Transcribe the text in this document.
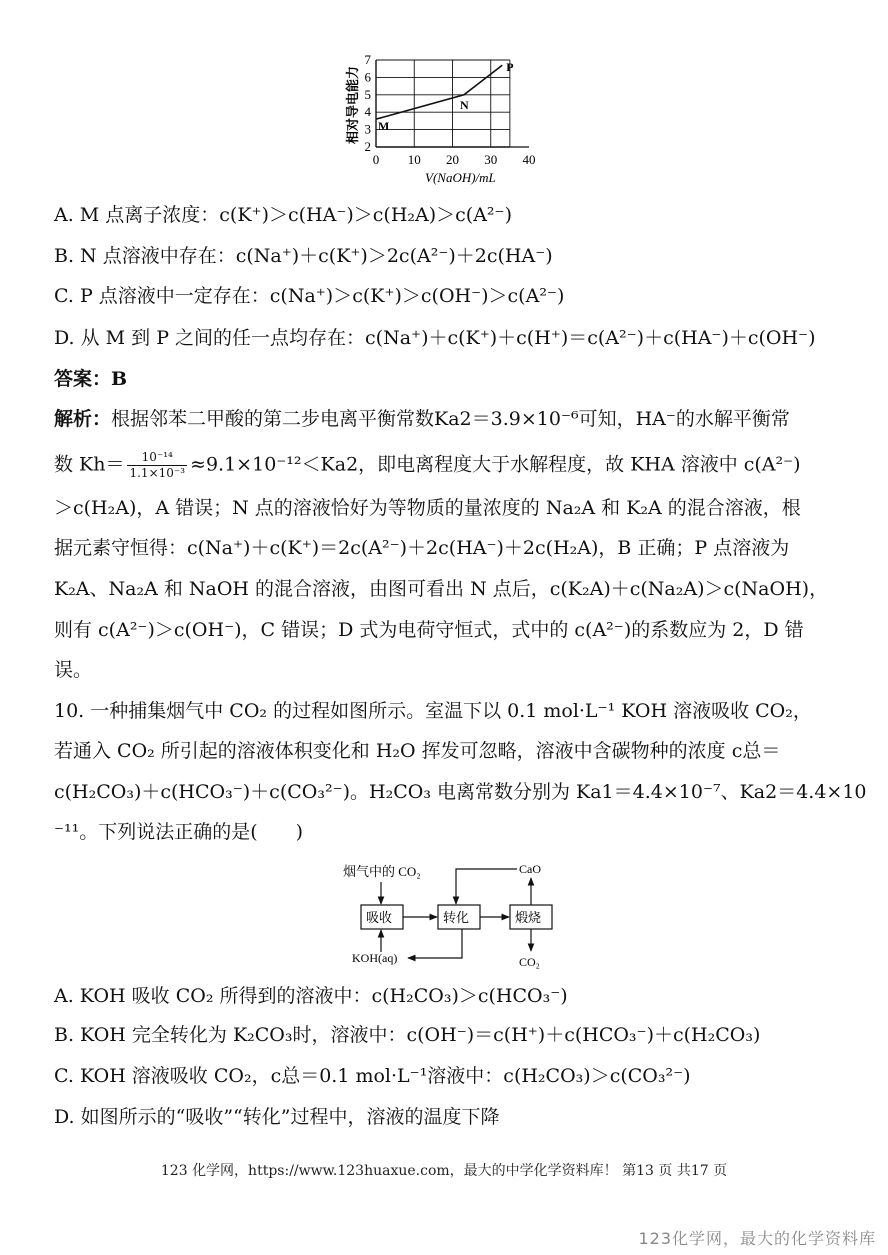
相对导电能力
V(NaOH)/mL
0 10 20 30 40
2
3
4
5
6
7
M
N
P
A. M 点离子浓度：c(K⁺)＞c(HA⁻)＞c(H₂A)＞c(A²⁻)
B. N 点溶液中存在：c(Na⁺)＋c(K⁺)＞2c(A²⁻)＋2c(HA⁻)
C. P 点溶液中一定存在：c(Na⁺)＞c(K⁺)＞c(OH⁻)＞c(A²⁻)
D. 从 M 到 P 之间的任一点均存在：c(Na⁺)＋c(K⁺)＋c(H⁺)＝c(A²⁻)＋c(HA⁻)＋c(OH⁻)
答案：B
解析：根据邻苯二甲酸的第二步电离平衡常数Ka2＝3.9×10⁻⁶可知，HA⁻的水解平衡常
数 $Kh= \frac{\text{10⁻¹⁴}}{\text{1.1×10⁻³}} \approx 9.1\times 10^{-12}<Ka2$，即电离程度大于水解程度，故 KHA 溶液中 c(A²⁻)
＞c(H₂A)，A 错误；N 点的溶液恰好为等物质的量浓度的 Na₂A 和 K₂A 的混合溶液，根
据元素守恒得：c(Na⁺)＋c(K⁺)＝2c(A²⁻)＋2c(HA⁻)＋2c(H₂A)，B 正确；P 点溶液为
K₂A、Na₂A 和 NaOH 的混合溶液，由图可看出 N 点后，c(K₂A)＋c(Na₂A)＞c(NaOH)，
则有 c(A²⁻)＞c(OH⁻)，C 错误；D 式为电荷守恒式，式中的 c(A²⁻)的系数应为 2，D 错
误。
10. 一种捕集烟气中 CO₂ 的过程如图所示。室温下以 0.1 mol·L⁻¹ KOH 溶液吸收 CO₂，
若通入 CO₂ 所引起的溶液体积变化和 H₂O 挥发可忽略，溶液中含碳物种的浓度 c总＝
c(H₂CO₃)＋c(HCO₃⁻)＋c(CO₃²⁻)。H₂CO₃ 电离常数分别为 Ka1＝4.4×10⁻⁷、Ka2＝4.4×10
⁻¹¹。下列说法正确的是(　　)
烟气中的 CO₂
吸收	转化	煅烧
CaO
CO₂
KOH(aq)
A. KOH 吸收 CO₂ 所得到的溶液中：c(H₂CO₃)＞c(HCO₃⁻)
B. KOH 完全转化为 K₂CO₃时，溶液中：c(OH⁻)＝c(H⁺)＋c(HCO₃⁻)＋c(H₂CO₃)
C. KOH 溶液吸收 CO₂，c总＝0.1 mol·L⁻¹溶液中：c(H₂CO₃)＞c(CO₃²⁻)
D. 如图所示的“吸收”“转化”过程中，溶液的温度下降
123 化学网，https://www.123huaxue.com，最大的中学化学资料库！ 第13 页 共17 页
123化学网，最大的化学资料库
